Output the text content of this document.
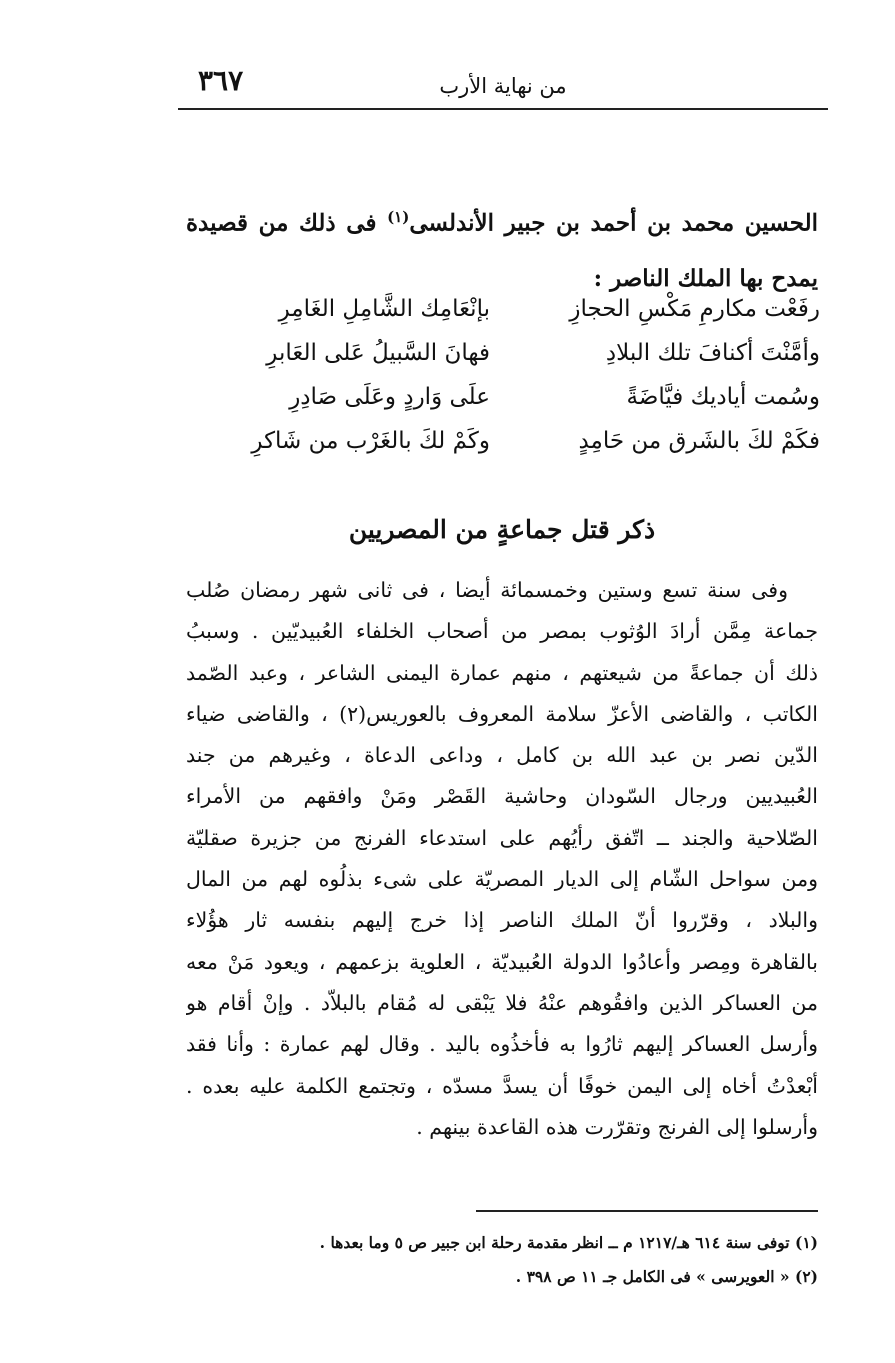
٣٦٧	من نهاية الأرب
الحسين محمد بن أحمد بن جبير الأندلسى$^{(١)}$ فى ذلك من قصيدة يمدح بها الملك الناصر :
رفَعْت مكارمِ مَكْسِ الحجازِ
بإنْعَامِك الشَّامِلِ الغَامِرِ
وأمَّنْتَ أكنافَ تلك البلادِ
فهانَ السَّبيلُ عَلى العَابرِ
وسُمت أياديك فيَّاضَةً
علَى وَاردٍ وعَلَى صَادِرِ
فكَمْ لكَ بالشَرق من حَامِدٍ
وكَمْ لكَ بالغَرْب من شَاكرِ
ذكر قتل جماعةٍ من المصريين
وفى سنة تسع وستين وخمسمائة أيضا ، فى ثانى شهر رمضان صُلب
جماعة مِمَّن أرادَ الوُثوب بمصر من أصحاب الخلفاء العُبيديّين . وسببُ
ذلك أن جماعةً من شيعتهم ، منهم عمارة اليمنى الشاعر ، وعبد الصّمد
الكاتب ، والقاضى الأعزّ سلامة المعروف بالعوريس(٢) ، والقاضى ضياء
الدّين نصر بن عبد الله بن كامل ، وداعى الدعاة ، وغيرهم من جند
العُبيديين ورجال السّودان وحاشية القَصْر ومَنْ وافقهم من الأمراء
الصّلاحية والجند ــ اتّفق رأيُهم على استدعاء الفرنج من جزيرة صقليّة
ومن سواحل الشّام إلى الديار المصريّة على شىء بذلُوه لهم من المال
والبلاد ، وقرّروا أنّ الملك الناصر إذا خرج إليهم بنفسه ثار هؤُلاء
بالقاهرة ومِصر وأعادُوا الدولة العُبيديّة ، العلوية بزعمهم ، ويعود مَنْ معه
من العساكر الذين وافقُوهم عنْهُ فلا يَبْقى له مُقام بالبلاّد . وإنْ أقام هو
وأرسل العساكر إليهم ثارُوا به فأخذُوه باليد . وقال لهم عمارة : وأنا فقد
أبْعدْتُ أخاه إلى اليمن خوفًا أن يسدَّ مسدّه ، وتجتمع الكلمة عليه بعده .
وأرسلوا إلى الفرنج وتقرّرت هذه القاعدة بينهم .
(١) توفى سنة ٦١٤ هـ/١٢١٧ م ــ انظر مقدمة رحلة ابن جبير ص ٥ وما بعدها .
(٢) « العويرسى » فى الكامل جـ ١١ ص ٣٩٨ .
